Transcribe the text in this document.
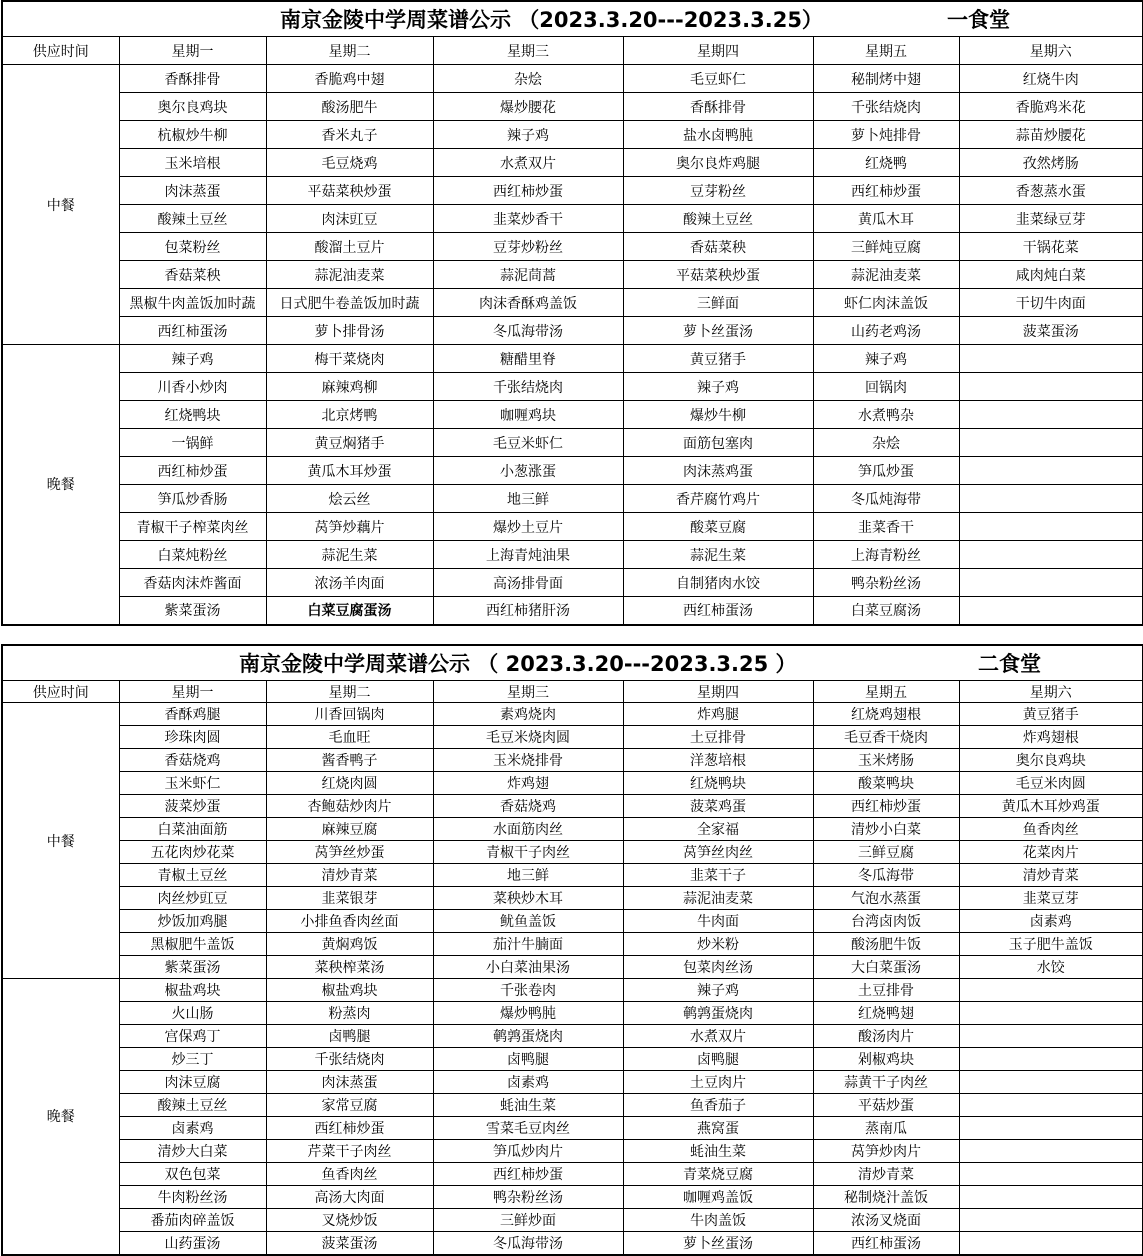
南京金陵中学周菜谱公示 （2023.3.20---2023.3.25） 一食堂						

供应时间	星期一	星期二	星期三	星期四	星期五	星期六
中餐	香酥排骨	香脆鸡中翅	杂烩	毛豆虾仁	秘制烤中翅	红烧牛肉
	奥尔良鸡块	酸汤肥牛	爆炒腰花	香酥排骨	千张结烧肉	香脆鸡米花
	杭椒炒牛柳	香米丸子	辣子鸡	盐水卤鸭肫	萝卜炖排骨	蒜苗炒腰花
	玉米培根	毛豆烧鸡	水煮双片	奥尔良炸鸡腿	红烧鸭	孜然烤肠
	肉沫蒸蛋	平菇菜秧炒蛋	西红柿炒蛋	豆芽粉丝	西红柿炒蛋	香葱蒸水蛋
	酸辣土豆丝	肉沫豇豆	韭菜炒香干	酸辣土豆丝	黄瓜木耳	韭菜绿豆芽
	包菜粉丝	酸溜土豆片	豆芽炒粉丝	香菇菜秧	三鲜炖豆腐	干锅花菜
	香菇菜秧	蒜泥油麦菜	蒜泥茼蒿	平菇菜秧炒蛋	蒜泥油麦菜	咸肉炖白菜
	黑椒牛肉盖饭加时蔬	日式肥牛卷盖饭加时蔬	肉沫香酥鸡盖饭	三鲜面	虾仁肉沫盖饭	干切牛肉面
	西红柿蛋汤	萝卜排骨汤	冬瓜海带汤	萝卜丝蛋汤	山药老鸡汤	菠菜蛋汤
晚餐	辣子鸡	梅干菜烧肉	糖醋里脊	黄豆猪手	辣子鸡	
	川香小炒肉	麻辣鸡柳	千张结烧肉	辣子鸡	回锅肉	
	红烧鸭块	北京烤鸭	咖喱鸡块	爆炒牛柳	水煮鸭杂	
	一锅鲜	黄豆焖猪手	毛豆米虾仁	面筋包塞肉	杂烩	
	西红柿炒蛋	黄瓜木耳炒蛋	小葱涨蛋	肉沫蒸鸡蛋	笋瓜炒蛋	
	笋瓜炒香肠	烩云丝	地三鲜	香芹腐竹鸡片	冬瓜炖海带	
	青椒干子榨菜肉丝	莴笋炒藕片	爆炒土豆片	酸菜豆腐	韭菜香干	
	白菜炖粉丝	蒜泥生菜	上海青炖油果	蒜泥生菜	上海青粉丝	
	香菇肉沫炸酱面	浓汤羊肉面	高汤排骨面	自制猪肉水饺	鸭杂粉丝汤	
	紫菜蛋汤	白菜豆腐蛋汤	西红柿猪肝汤	西红柿蛋汤	白菜豆腐汤	
南京金陵中学周菜谱公示 （ 2023.3.20---2023.3.25 ） 二食堂						

供应时间	星期一	星期二	星期三	星期四	星期五	星期六
中餐	香酥鸡腿	川香回锅肉	素鸡烧肉	炸鸡腿	红烧鸡翅根	黄豆猪手
	珍珠肉圆	毛血旺	毛豆米烧肉圆	土豆排骨	毛豆香干烧肉	炸鸡翅根
	香菇烧鸡	酱香鸭子	玉米烧排骨	洋葱培根	玉米烤肠	奥尔良鸡块
	玉米虾仁	红烧肉圆	炸鸡翅	红烧鸭块	酸菜鸭块	毛豆米肉圆
	菠菜炒蛋	杏鲍菇炒肉片	香菇烧鸡	菠菜鸡蛋	西红柿炒蛋	黄瓜木耳炒鸡蛋
	白菜油面筋	麻辣豆腐	水面筋肉丝	全家福	清炒小白菜	鱼香肉丝
	五花肉炒花菜	莴笋丝炒蛋	青椒干子肉丝	莴笋丝肉丝	三鲜豆腐	花菜肉片
	青椒土豆丝	清炒青菜	地三鲜	韭菜干子	冬瓜海带	清炒青菜
	肉丝炒豇豆	韭菜银芽	菜秧炒木耳	蒜泥油麦菜	气泡水蒸蛋	韭菜豆芽
	炒饭加鸡腿	小排鱼香肉丝面	鱿鱼盖饭	牛肉面	台湾卤肉饭	卤素鸡
	黑椒肥牛盖饭	黄焖鸡饭	茄汁牛腩面	炒米粉	酸汤肥牛饭	玉子肥牛盖饭
	紫菜蛋汤	菜秧榨菜汤	小白菜油果汤	包菜肉丝汤	大白菜蛋汤	水饺
晚餐	椒盐鸡块	椒盐鸡块	千张卷肉	辣子鸡	土豆排骨	
	火山肠	粉蒸肉	爆炒鸭肫	鹌鹑蛋烧肉	红烧鸭翅	
	宫保鸡丁	卤鸭腿	鹌鹑蛋烧肉	水煮双片	酸汤肉片	
	炒三丁	千张结烧肉	卤鸭腿	卤鸭腿	剁椒鸡块	
	肉沫豆腐	肉沫蒸蛋	卤素鸡	土豆肉片	蒜黄干子肉丝	
	酸辣土豆丝	家常豆腐	蚝油生菜	鱼香茄子	平菇炒蛋	
	卤素鸡	西红柿炒蛋	雪菜毛豆肉丝	燕窝蛋	蒸南瓜	
	清炒大白菜	芹菜干子肉丝	笋瓜炒肉片	蚝油生菜	莴笋炒肉片	
	双色包菜	鱼香肉丝	西红柿炒蛋	青菜烧豆腐	清炒青菜	
	牛肉粉丝汤	高汤大肉面	鸭杂粉丝汤	咖喱鸡盖饭	秘制烧汁盖饭	
	番茄肉碎盖饭	叉烧炒饭	三鲜炒面	牛肉盖饭	浓汤叉烧面	
	山药蛋汤	菠菜蛋汤	冬瓜海带汤	萝卜丝蛋汤	西红柿蛋汤	
